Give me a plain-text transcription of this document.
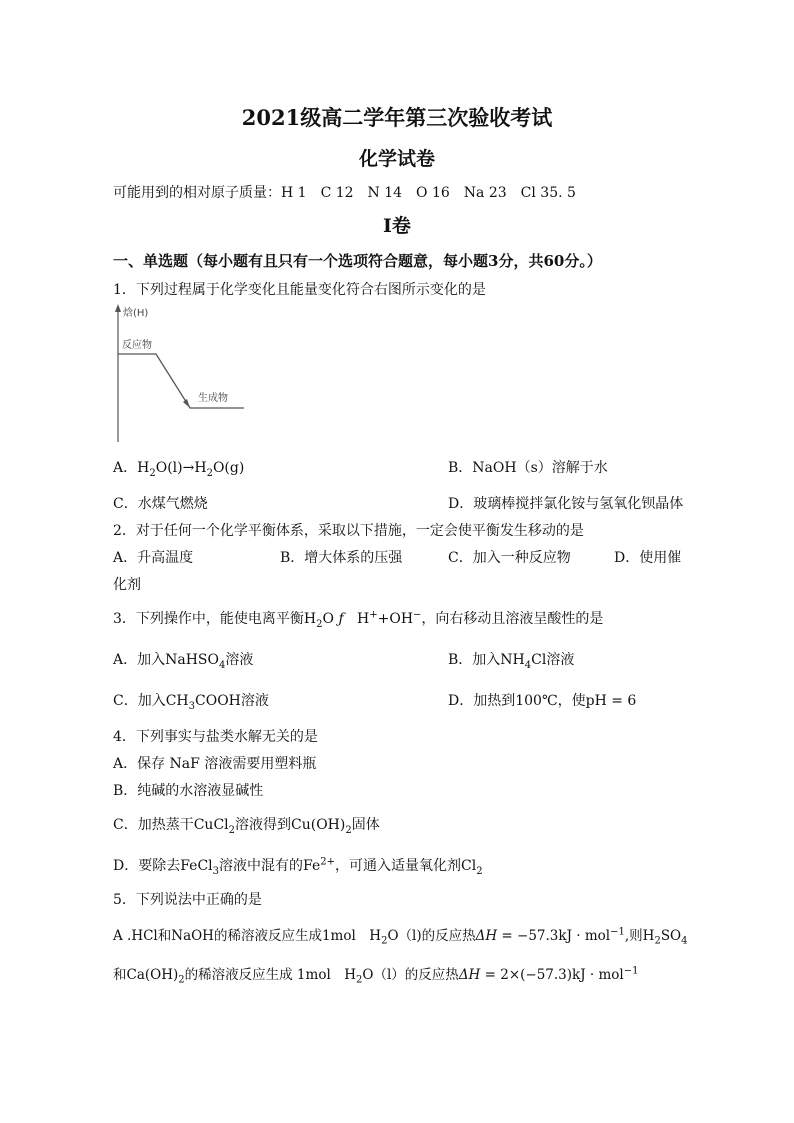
2021级高二学年第三次验收考试
化学试卷
可能用到的相对原子质量：H 1　C 12　N 14　O 16　Na 23　Cl 35. 5
Ⅰ卷
一、单选题（每小题有且只有一个选项符合题意，每小题3分，共60分。）
1．下列过程属于化学变化且能量变化符合右图所示变化的是
焓(H)
反应物
生成物
A．$H_2O(l)\to H_2O(g)$	B．NaOH（s）溶解于水
C．水煤气燃烧	D．玻璃棒搅拌氯化铵与氢氧化钡晶体
2．对于任何一个化学平衡体系，采取以下措施，一定会使平衡发生移动的是
A．升高温度	B．增大体系的压强	C．加入一种反应物	D．使用催
化剂
3．下列操作中，能使电离平衡$H_2O$ ƒ H++OH−，向右移动且溶液呈酸性的是
A．加入NaHSO$_4$溶液	B．加入$NH_4Cl$溶液
C．加入$CH_3COOH$溶液	D．加热到100℃，使pH = 6
4．下列事实与盐类水解无关的是
A．保存 NaF 溶液需要用塑料瓶
B．纯碱的水溶液显碱性
C．加热蒸干CuCl$_2$溶液得到$Cu(OH)_2$固体
D．要除去FeCl$_3$溶液中混有的$Fe^{2+}$，可通入适量氧化剂$Cl_2$
5．下列说法中正确的是
A .HCl和NaOH的稀溶液反应生成1mol　$H_2O(l)$的反应热ΔH = −57.3kJ · mol$^{-1}$,则$H_2SO_4$
和$Ca(OH)_2$的稀溶液反应生成 1mol　$H_2O(l)$的反应热ΔH = 2×(−57.3)kJ · mol$^{-1}$
